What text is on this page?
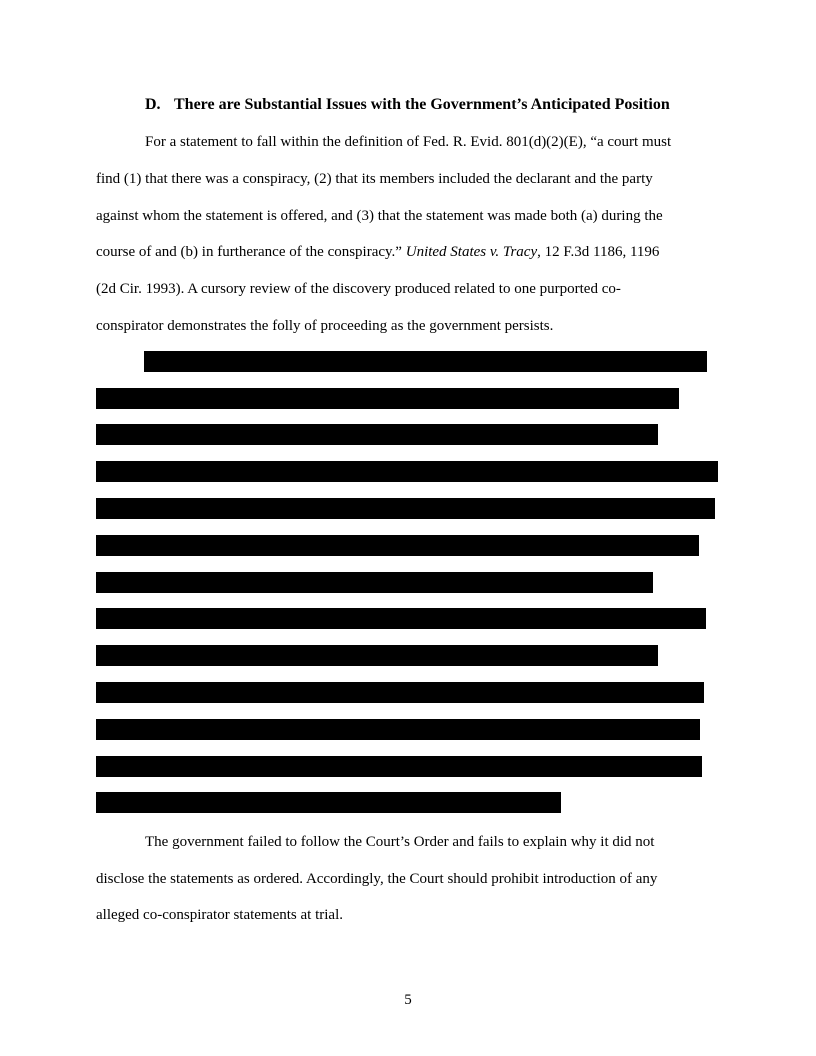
D. There are Substantial Issues with the Government’s Anticipated Position
For a statement to fall within the definition of Fed. R. Evid. 801(d)(2)(E), “a court must
find (1) that there was a conspiracy, (2) that its members included the declarant and the party
against whom the statement is offered, and (3) that the statement was made both (a) during the
course of and (b) in furtherance of the conspiracy.” United States v. Tracy, 12 F.3d 1186, 1196
(2d Cir. 1993). A cursory review of the discovery produced related to one purported co-
conspirator demonstrates the folly of proceeding as the government persists.
The government failed to follow the Court’s Order and fails to explain why it did not
disclose the statements as ordered. Accordingly, the Court should prohibit introduction of any
alleged co-conspirator statements at trial.
5
